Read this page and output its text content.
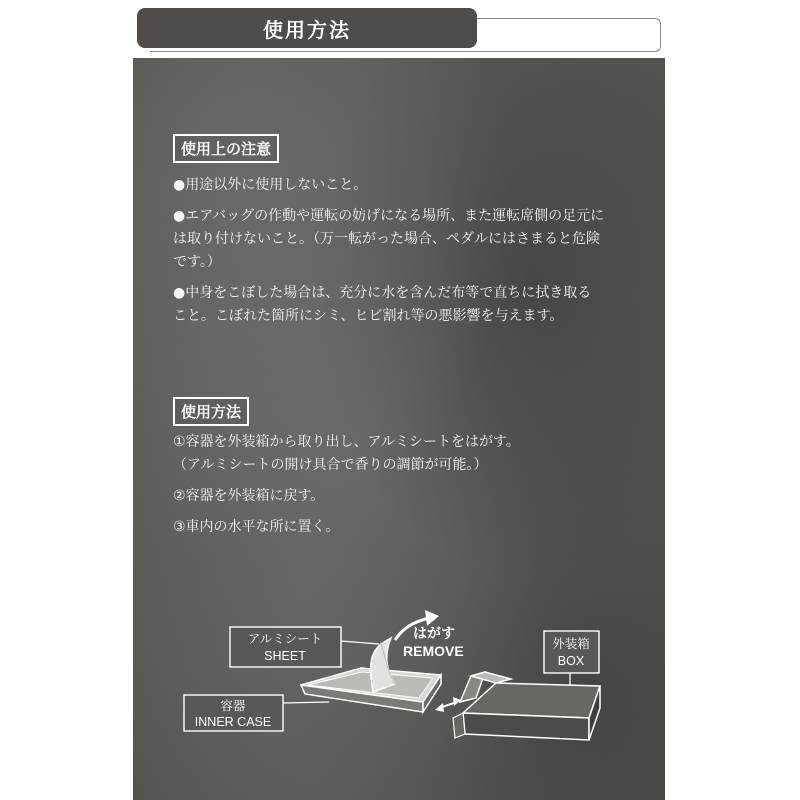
使用方法
使用上の注意

●用途以外に使用しないこと。

●エアバッグの作動や運転の妨げになる場所、また運転席側の足元に

は取り付けないこと。（万一転がった場合、ペダルにはさまると危険

です。）

●中身をこぼした場合は、充分に水を含んだ布等で直ちに拭き取る

こと。こぼれた箇所にシミ、ヒビ割れ等の悪影響を与えます。

使用方法

①容器を外装箱から取り出し、アルミシートをはがす。

（アルミシートの開け具合で香りの調節が可能。）

②容器を外装箱に戻す。

③車内の水平な所に置く。

アルミシート
SHEET
はがす
REMOVE
容器
INNER CASE
外装箱
BOX
